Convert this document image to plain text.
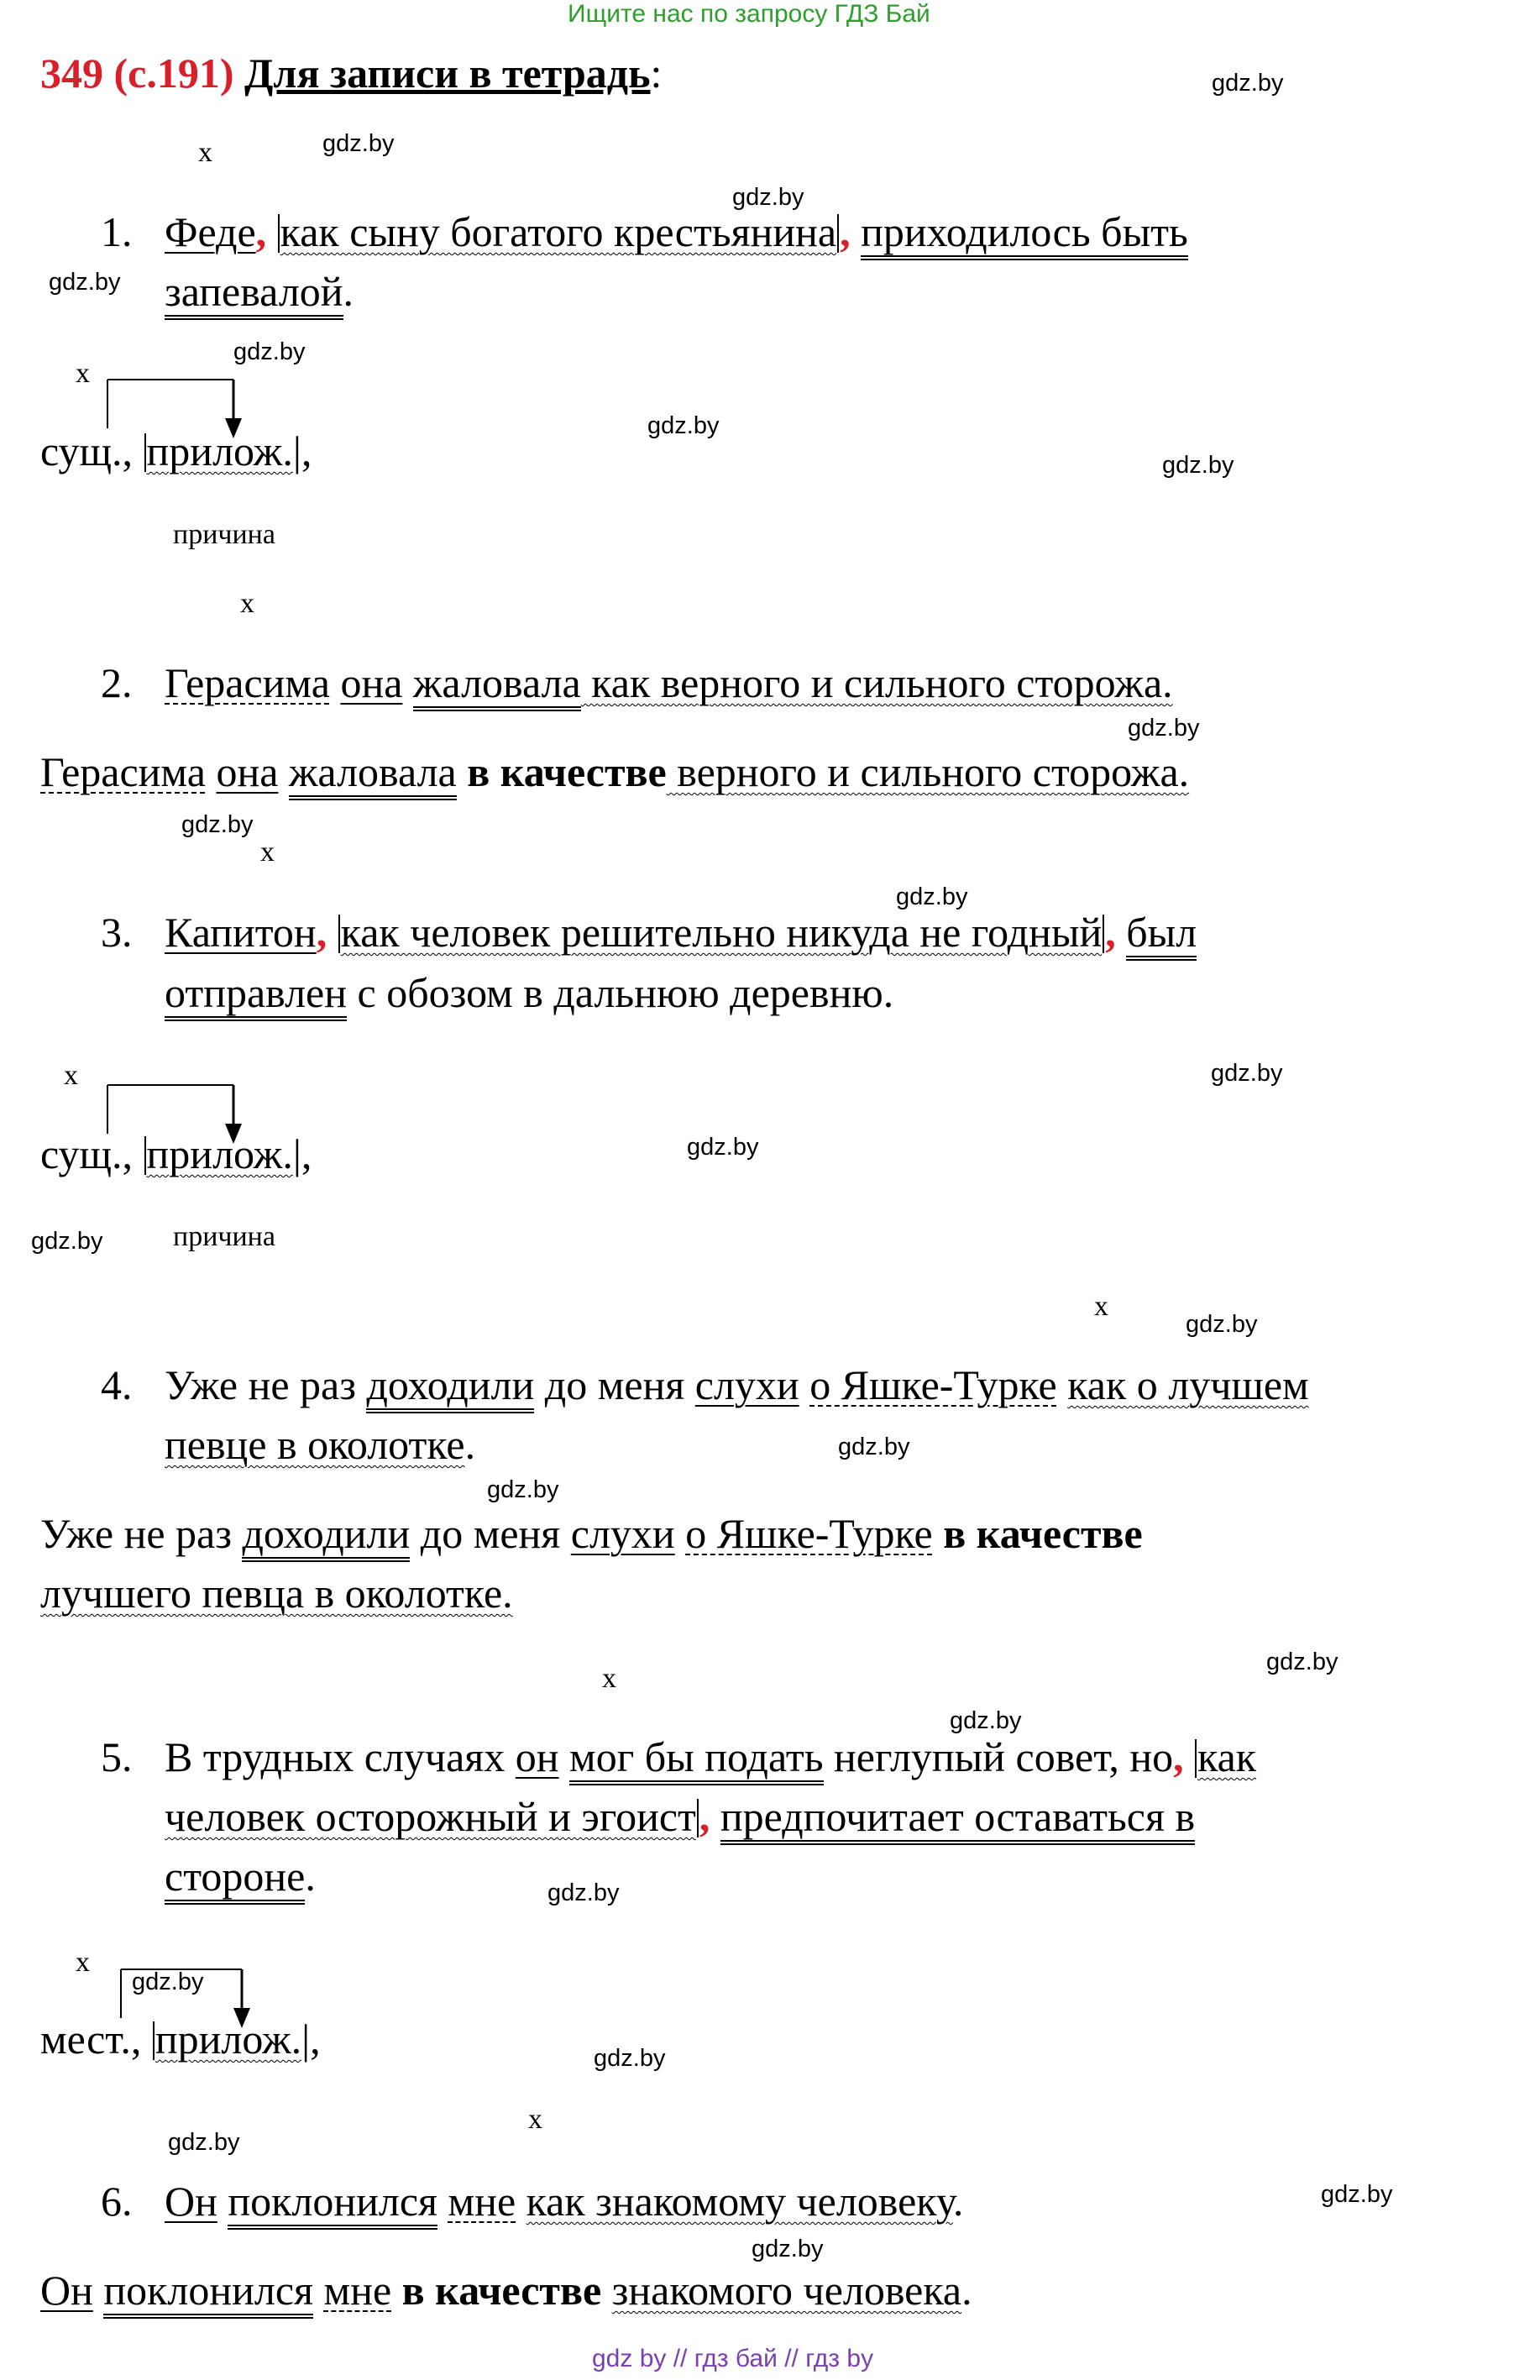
Ищите нас по запросу ГДЗ Бай
349 (с.191) Для записи в тетрадь:	gdz.by
gdz.by
gdz.by
gdz.by
gdz.by
gdz.by
gdz.by
gdz.by
gdz.by
gdz.by
gdz.by
gdz.by
gdz.by
gdz.by
gdz.by
gdz.by
gdz.by
gdz.by
gdz.by
gdz.by
gdz.by
gdz.by
gdz.by
gdz.by
x
x
x
x
x
x
x
x
x
1. Феде, как сыну богатого крестьянина, приходилось быть
запевалой.
сущ., прилож.|,
причина
2. Герасима она жаловала как верного и сильного сторожа.
Герасима она жаловала в качестве верного и сильного сторожа.
3. Капитон, как человек решительно никуда не годный, был
отправлен с обозом в дальнюю деревню.
сущ., прилож.|,
причина
4. Уже не раз доходили до меня слухи о Яшке-Турке как о лучшем
певце в околотке.
Уже не раз доходили до меня слухи о Яшке-Турке в качестве
лучшего певца в околотке.
5. В трудных случаях он мог бы подать неглупый совет, но, как
человек осторожный и эгоист, предпочитает оставаться в
стороне.
мест., прилож.|,
6. Он поклонился мне как знакомому человеку.
Он поклонился мне в качестве знакомого человека.
gdz by // гдз бай // гдз by
